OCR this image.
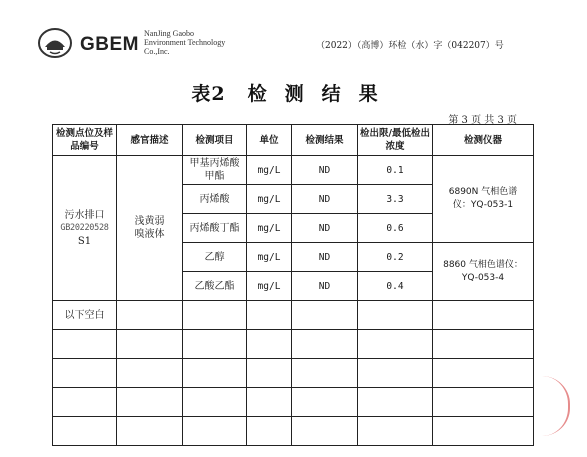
GBEM
NanJing Gaobo
Environment Technology
Co.,Inc.
（2022）（高博）环检（水）字（042207）号
表2 检测结果
第 3 页 共 3 页
检测点位及样品编号	感官描述	检测项目	单位	检测结果	检出限/最低检出浓度	检测仪器

污水排口
GB20220528
S1	浅黄弱嗅液体	甲基丙烯酸甲酯	mg/L	ND	0.1	6890N 气相色谱仪：YQ-053-1
		丙烯酸	mg/L	ND	3.3	
		丙烯酸丁酯	mg/L	ND	0.6	
		乙醇	mg/L	ND	0.2	8860 气相色谱仪：YQ-053-4
		乙酸乙酯	mg/L	ND	0.4	
以下空白						
